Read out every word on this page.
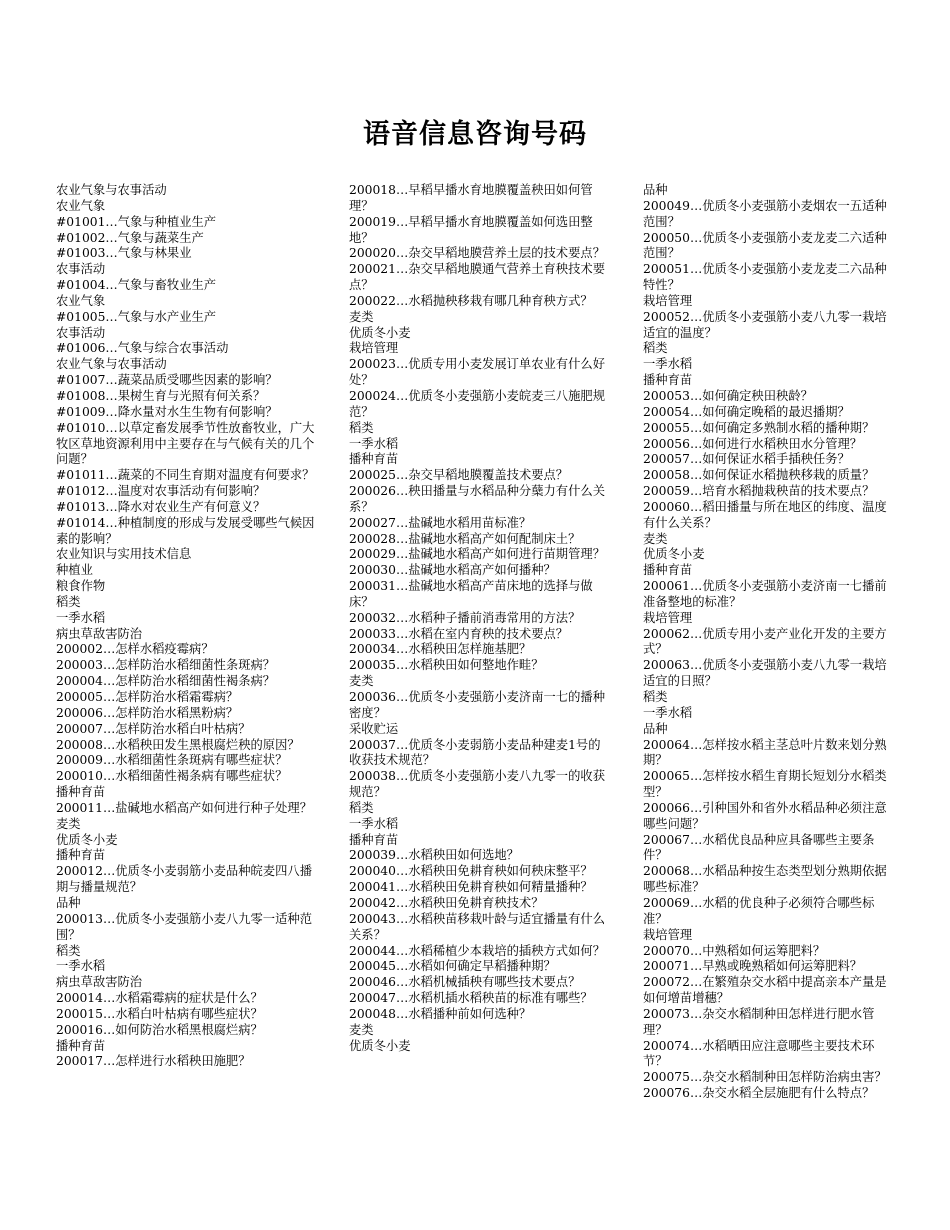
语音信息咨询号码
农业气象与农事活动
农业气象
#01001…气象与种植业生产
#01002…气象与蔬菜生产
#01003…气象与林果业
农事活动
#01004…气象与畜牧业生产
农业气象
#01005…气象与水产业生产
农事活动
#01006…气象与综合农事活动
农业气象与农事活动
#01007…蔬菜品质受哪些因素的影响？
#01008…果树生育与光照有何关系？
#01009…降水量对水生生物有何影响？
#01010…以草定畜发展季节性放畜牧业，广大牧区草地资源利用中主要存在与气候有关的几个问题？
#01011…蔬菜的不同生育期对温度有何要求？
#01012…温度对农事活动有何影响？
#01013…降水对农业生产有何意义？
#01014…种植制度的形成与发展受哪些气候因素的影响？
农业知识与实用技术信息
种植业
粮食作物
稻类
一季水稻
病虫草敌害防治
200002…怎样水稻疫霉病？
200003…怎样防治水稻细菌性条斑病？
200004…怎样防治水稻细菌性褐条病？
200005…怎样防治水稻霜霉病？
200006…怎样防治水稻黑粉病？
200007…怎样防治水稻白叶枯病？
200008…水稻秧田发生黑根腐烂秧的原因？
200009…水稻细菌性条斑病有哪些症状？
200010…水稻细菌性褐条病有哪些症状？
播种育苗
200011…盐碱地水稻高产如何进行种子处理？
麦类
优质冬小麦
播种育苗
200012…优质冬小麦弱筋小麦品种皖麦四八播期与播量规范？
品种
200013…优质冬小麦强筋小麦八九零一适种范围？
稻类
一季水稻
病虫草敌害防治
200014…水稻霜霉病的症状是什么？
200015…水稻白叶枯病有哪些症状？
200016…如何防治水稻黑根腐烂病？
播种育苗
200017…怎样进行水稻秧田施肥？
200018…早稻早播水育地膜覆盖秧田如何管理？
200019…早稻早播水育地膜覆盖如何选田整地？
200020…杂交早稻地膜营养土层的技术要点？
200021…杂交早稻地膜通气营养土育秧技术要点？
200022…水稻抛秧移栽有哪几种育秧方式？
麦类
优质冬小麦
栽培管理
200023…优质专用小麦发展订单农业有什么好处？
200024…优质冬小麦强筋小麦皖麦三八施肥规范？
稻类
一季水稻
播种育苗
200025…杂交早稻地膜覆盖技术要点？
200026…秧田播量与水稻品种分蘖力有什么关系？
200027…盐碱地水稻用苗标准？
200028…盐碱地水稻高产如何配制床土？
200029…盐碱地水稻高产如何进行苗期管理？
200030…盐碱地水稻高产如何播种？
200031…盐碱地水稻高产苗床地的选择与做床？
200032…水稻种子播前消毒常用的方法？
200033…水稻在室内育秧的技术要点？
200034…水稻秧田怎样施基肥？
200035…水稻秧田如何整地作畦？
麦类
200036…优质冬小麦强筋小麦济南一七的播种密度？
采收贮运
200037…优质冬小麦弱筋小麦品种建麦1号的收获技术规范？
200038…优质冬小麦强筋小麦八九零一的收获规范？
稻类
一季水稻
播种育苗
200039…水稻秧田如何选地？
200040…水稻秧田免耕育秧如何秧床整平？
200041…水稻秧田免耕育秧如何精量播种？
200042…水稻秧田免耕育秧技术？
200043…水稻秧苗移栽叶龄与适宜播量有什么关系？
200044…水稻稀植少本栽培的插秧方式如何？
200045…水稻如何确定早稻播种期？
200046…水稻机械插秧有哪些技术要点？
200047…水稻机插水稻秧苗的标准有哪些？
200048…水稻播种前如何选种？
麦类
优质冬小麦
品种
200049…优质冬小麦强筋小麦烟农一五适种范围？
200050…优质冬小麦强筋小麦龙麦二六适种范围？
200051…优质冬小麦强筋小麦龙麦二六品种特性？
栽培管理
200052…优质冬小麦强筋小麦八九零一栽培适宜的温度？
稻类
一季水稻
播种育苗
200053…如何确定秧田秧龄？
200054…如何确定晚稻的最迟播期？
200055…如何确定多熟制水稻的播种期？
200056…如何进行水稻秧田水分管理？
200057…如何保证水稻手插秧任务？
200058…如何保证水稻抛秧移栽的质量？
200059…培育水稻抛栽秧苗的技术要点？
200060…稻田播量与所在地区的纬度、温度有什么关系？
麦类
优质冬小麦
播种育苗
200061…优质冬小麦强筋小麦济南一七播前准备整地的标准？
栽培管理
200062…优质专用小麦产业化开发的主要方式？
200063…优质冬小麦强筋小麦八九零一栽培适宜的日照？
稻类
一季水稻
品种
200064…怎样按水稻主茎总叶片数来划分熟期？
200065…怎样按水稻生育期长短划分水稻类型？
200066…引种国外和省外水稻品种必须注意哪些问题？
200067…水稻优良品种应具备哪些主要条件？
200068…水稻品种按生态类型划分熟期依据哪些标准？
200069…水稻的优良种子必须符合哪些标准？
栽培管理
200070…中熟稻如何运筹肥料？
200071…早熟或晚熟稻如何运筹肥料？
200072…在繁殖杂交水稻中提高亲本产量是如何增苗增穗？
200073…杂交水稻制种田怎样进行肥水管理？
200074…水稻晒田应注意哪些主要技术环节？
200075…杂交水稻制种田怎样防治病虫害？
200076…杂交水稻全层施肥有什么特点？
